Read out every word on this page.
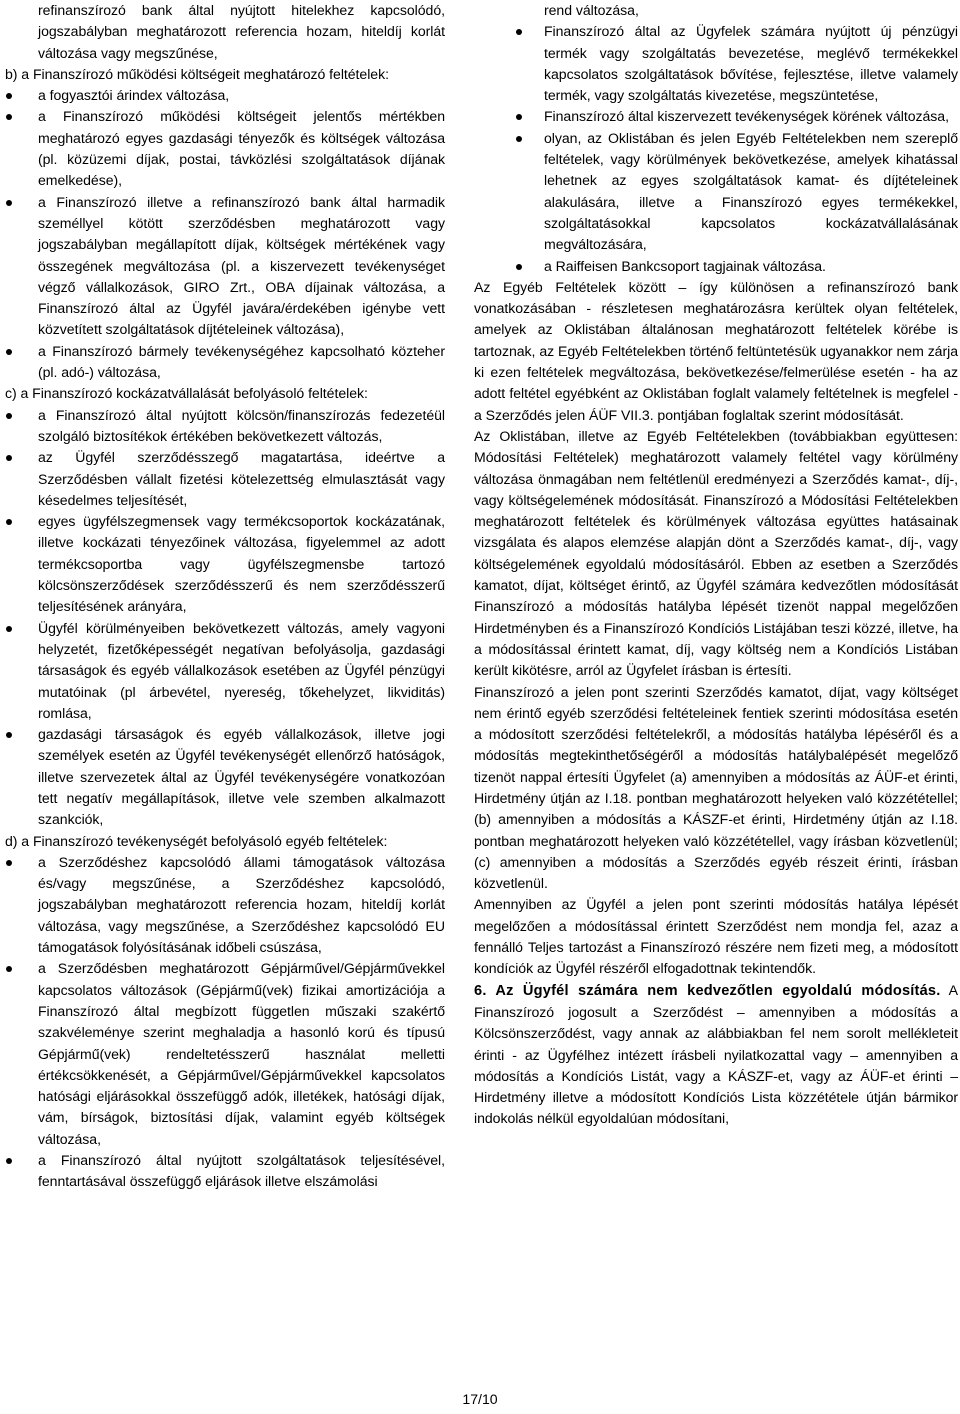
refinanszírozó bank által nyújtott hitelekhez kapcsolódó, jogszabályban meghatározott referencia hozam, hiteldíj korlát változása vagy megszűnése,

b) a Finanszírozó működési költségeit meghatározó feltételek:

a fogyasztói árindex változása,
a Finanszírozó működési költségeit jelentős mértékben meghatározó egyes gazdasági tényezők és költségek változása (pl. közüzemi díjak, postai, távközlési szolgáltatások díjának emelkedése),
a Finanszírozó illetve a refinanszírozó bank által harmadik személlyel kötött szerződésben meghatározott vagy jogszabályban megállapított díjak, költségek mértékének vagy összegének megváltozása (pl. a kiszervezett tevékenységet végző vállalkozások, GIRO Zrt., OBA díjainak változása, a Finanszírozó által az Ügyfél javára/érdekében igénybe vett közvetített szolgáltatások díjtételeinek változása),
a Finanszírozó bármely tevékenységéhez kapcsolható közteher (pl. adó-) változása,

c) a Finanszírozó kockázatvállalását befolyásoló feltételek:

a Finanszírozó által nyújtott kölcsön/finanszírozás fedezetéül szolgáló biztosítékok értékében bekövetkezett változás,
az Ügyfél szerződésszegő magatartása, ideértve a Szerződésben vállalt fizetési kötelezettség elmulasztását vagy késedelmes teljesítését,
egyes ügyfélszegmensek vagy termékcsoportok kockázatának, illetve kockázati tényezőinek változása, figyelemmel az adott termékcsoportba vagy ügyfélszegmensbe tartozó kölcsönszerződések szerződésszerű és nem szerződésszerű teljesítésének arányára,
Ügyfél körülményeiben bekövetkezett változás, amely vagyoni helyzetét, fizetőképességét negatívan befolyásolja, gazdasági társaságok és egyéb vállalkozások esetében az Ügyfél pénzügyi mutatóinak (pl árbevétel, nyereség, tőkehelyzet, likviditás) romlása,
gazdasági társaságok és egyéb vállalkozások, illetve jogi személyek esetén az Ügyfél tevékenységét ellenőrző hatóságok, illetve szervezetek által az Ügyfél tevékenységére vonatkozóan tett negatív megállapítások, illetve vele szemben alkalmazott szankciók,

d) a Finanszírozó tevékenységét befolyásoló egyéb feltételek:

a Szerződéshez kapcsolódó állami támogatások változása és/vagy megszűnése, a Szerződéshez kapcsolódó, jogszabályban meghatározott referencia hozam, hiteldíj korlát változása, vagy megszűnése, a Szerződéshez kapcsolódó EU támogatások folyósításának időbeli csúszása,
a Szerződésben meghatározott Gépjárművel/Gépjárművekkel kapcsolatos változások (Gépjármű(vek) fizikai amortizációja a Finanszírozó által megbízott független műszaki szakértő szakvéleménye szerint meghaladja a hasonló korú és típusú Gépjármű(vek) rendeltetésszerű használat melletti értékcsökkenését, a Gépjárművel/Gépjárművekkel kapcsolatos hatósági eljárásokkal összefüggő adók, illetékek, hatósági díjak, vám, bírságok, biztosítási díjak, valamint egyéb költségek változása,
a Finanszírozó által nyújtott szolgáltatások teljesítésével, fenntartásával összefüggő eljárások illetve elszámolási

rend változása,

Finanszírozó által az Ügyfelek számára nyújtott új pénzügyi termék vagy szolgáltatás bevezetése, meglévő termékekkel kapcsolatos szolgáltatások bővítése, fejlesztése, illetve valamely termék, vagy szolgáltatás kivezetése, megszüntetése,
Finanszírozó által kiszervezett tevékenységek körének változása,
olyan, az Oklistában és jelen Egyéb Feltételekben nem szereplő feltételek, vagy körülmények bekövetkezése, amelyek kihatással lehetnek az egyes szolgáltatások kamat- és díjtételeinek alakulására, illetve a Finanszírozó egyes termékekkel, szolgáltatásokkal kapcsolatos kockázatvállalásának megváltozására,
a Raiffeisen Bankcsoport tagjainak változása.

Az Egyéb Feltételek között – így különösen a refinanszírozó bank vonatkozásában - részletesen meghatározásra kerültek olyan feltételek, amelyek az Oklistában általánosan meghatározott feltételek körébe is tartoznak, az Egyéb Feltételekben történő feltüntetésük ugyanakkor nem zárja ki ezen feltételek megváltozása, bekövetkezése/felmerülése esetén - ha az adott feltétel egyébként az Oklistában foglalt valamely feltételnek is megfelel - a Szerződés jelen ÁÜF VII.3. pontjában foglaltak szerint módosítását.

Az Oklistában, illetve az Egyéb Feltételekben (továbbiakban együttesen: Módosítási Feltételek) meghatározott valamely feltétel vagy körülmény változása önmagában nem feltétlenül eredményezi a Szerződés kamat-, díj-, vagy költségelemének módosítását. Finanszírozó a Módosítási Feltételekben meghatározott feltételek és körülmények változása együttes hatásainak vizsgálata és alapos elemzése alapján dönt a Szerződés kamat-, díj-, vagy költségelemének egyoldalú módosításáról. Ebben az esetben a Szerződés kamatot, díjat, költséget érintő, az Ügyfél számára kedvezőtlen módosítását Finanszírozó a módosítás hatályba lépését tizenöt nappal megelőzően Hirdetményben és a Finanszírozó Kondíciós Listájában teszi közzé, illetve, ha a módosítással érintett kamat, díj, vagy költség nem a Kondíciós Listában került kikötésre, arról az Ügyfelet írásban is értesíti.

Finanszírozó a jelen pont szerinti Szerződés kamatot, díjat, vagy költséget nem érintő egyéb szerződési feltételeinek fentiek szerinti módosítása esetén a módosított szerződési feltételekről, a módosítás hatályba lépéséről és a módosítás megtekinthetőségéről a módosítás hatálybalépését megelőző tizenöt nappal értesíti Ügyfelet (a) amennyiben a módosítás az ÁÜF-et érinti, Hirdetmény útján az I.18. pontban meghatározott helyeken való közzététellel; (b) amennyiben a módosítás a KÁSZF-et érinti, Hirdetmény útján az I.18. pontban meghatározott helyeken való közzététellel, vagy írásban közvetlenül; (c) amennyiben a módosítás a Szerződés egyéb részeit érinti, írásban közvetlenül.

Amennyiben az Ügyfél a jelen pont szerinti módosítás hatálya lépését megelőzően a módosítással érintett Szerződést nem mondja fel, azaz a fennálló Teljes tartozást a Finanszírozó részére nem fizeti meg, a módosított kondíciók az Ügyfél részéről elfogadottnak tekintendők.

6. Az Ügyfél számára nem kedvezőtlen egyoldalú módosítás. A Finanszírozó jogosult a Szerződést – amennyiben a módosítás a Kölcsönszerződést, vagy annak az alábbiakban fel nem sorolt mellékleteit érinti - az Ügyfélhez intézett írásbeli nyilatkozattal vagy – amennyiben a módosítás a Kondíciós Listát, vagy a KÁSZF-et, vagy az ÁÜF-et érinti – Hirdetmény illetve a módosított Kondíciós Lista közzététele útján bármikor indokolás nélkül egyoldalúan módosítani,

17/10
